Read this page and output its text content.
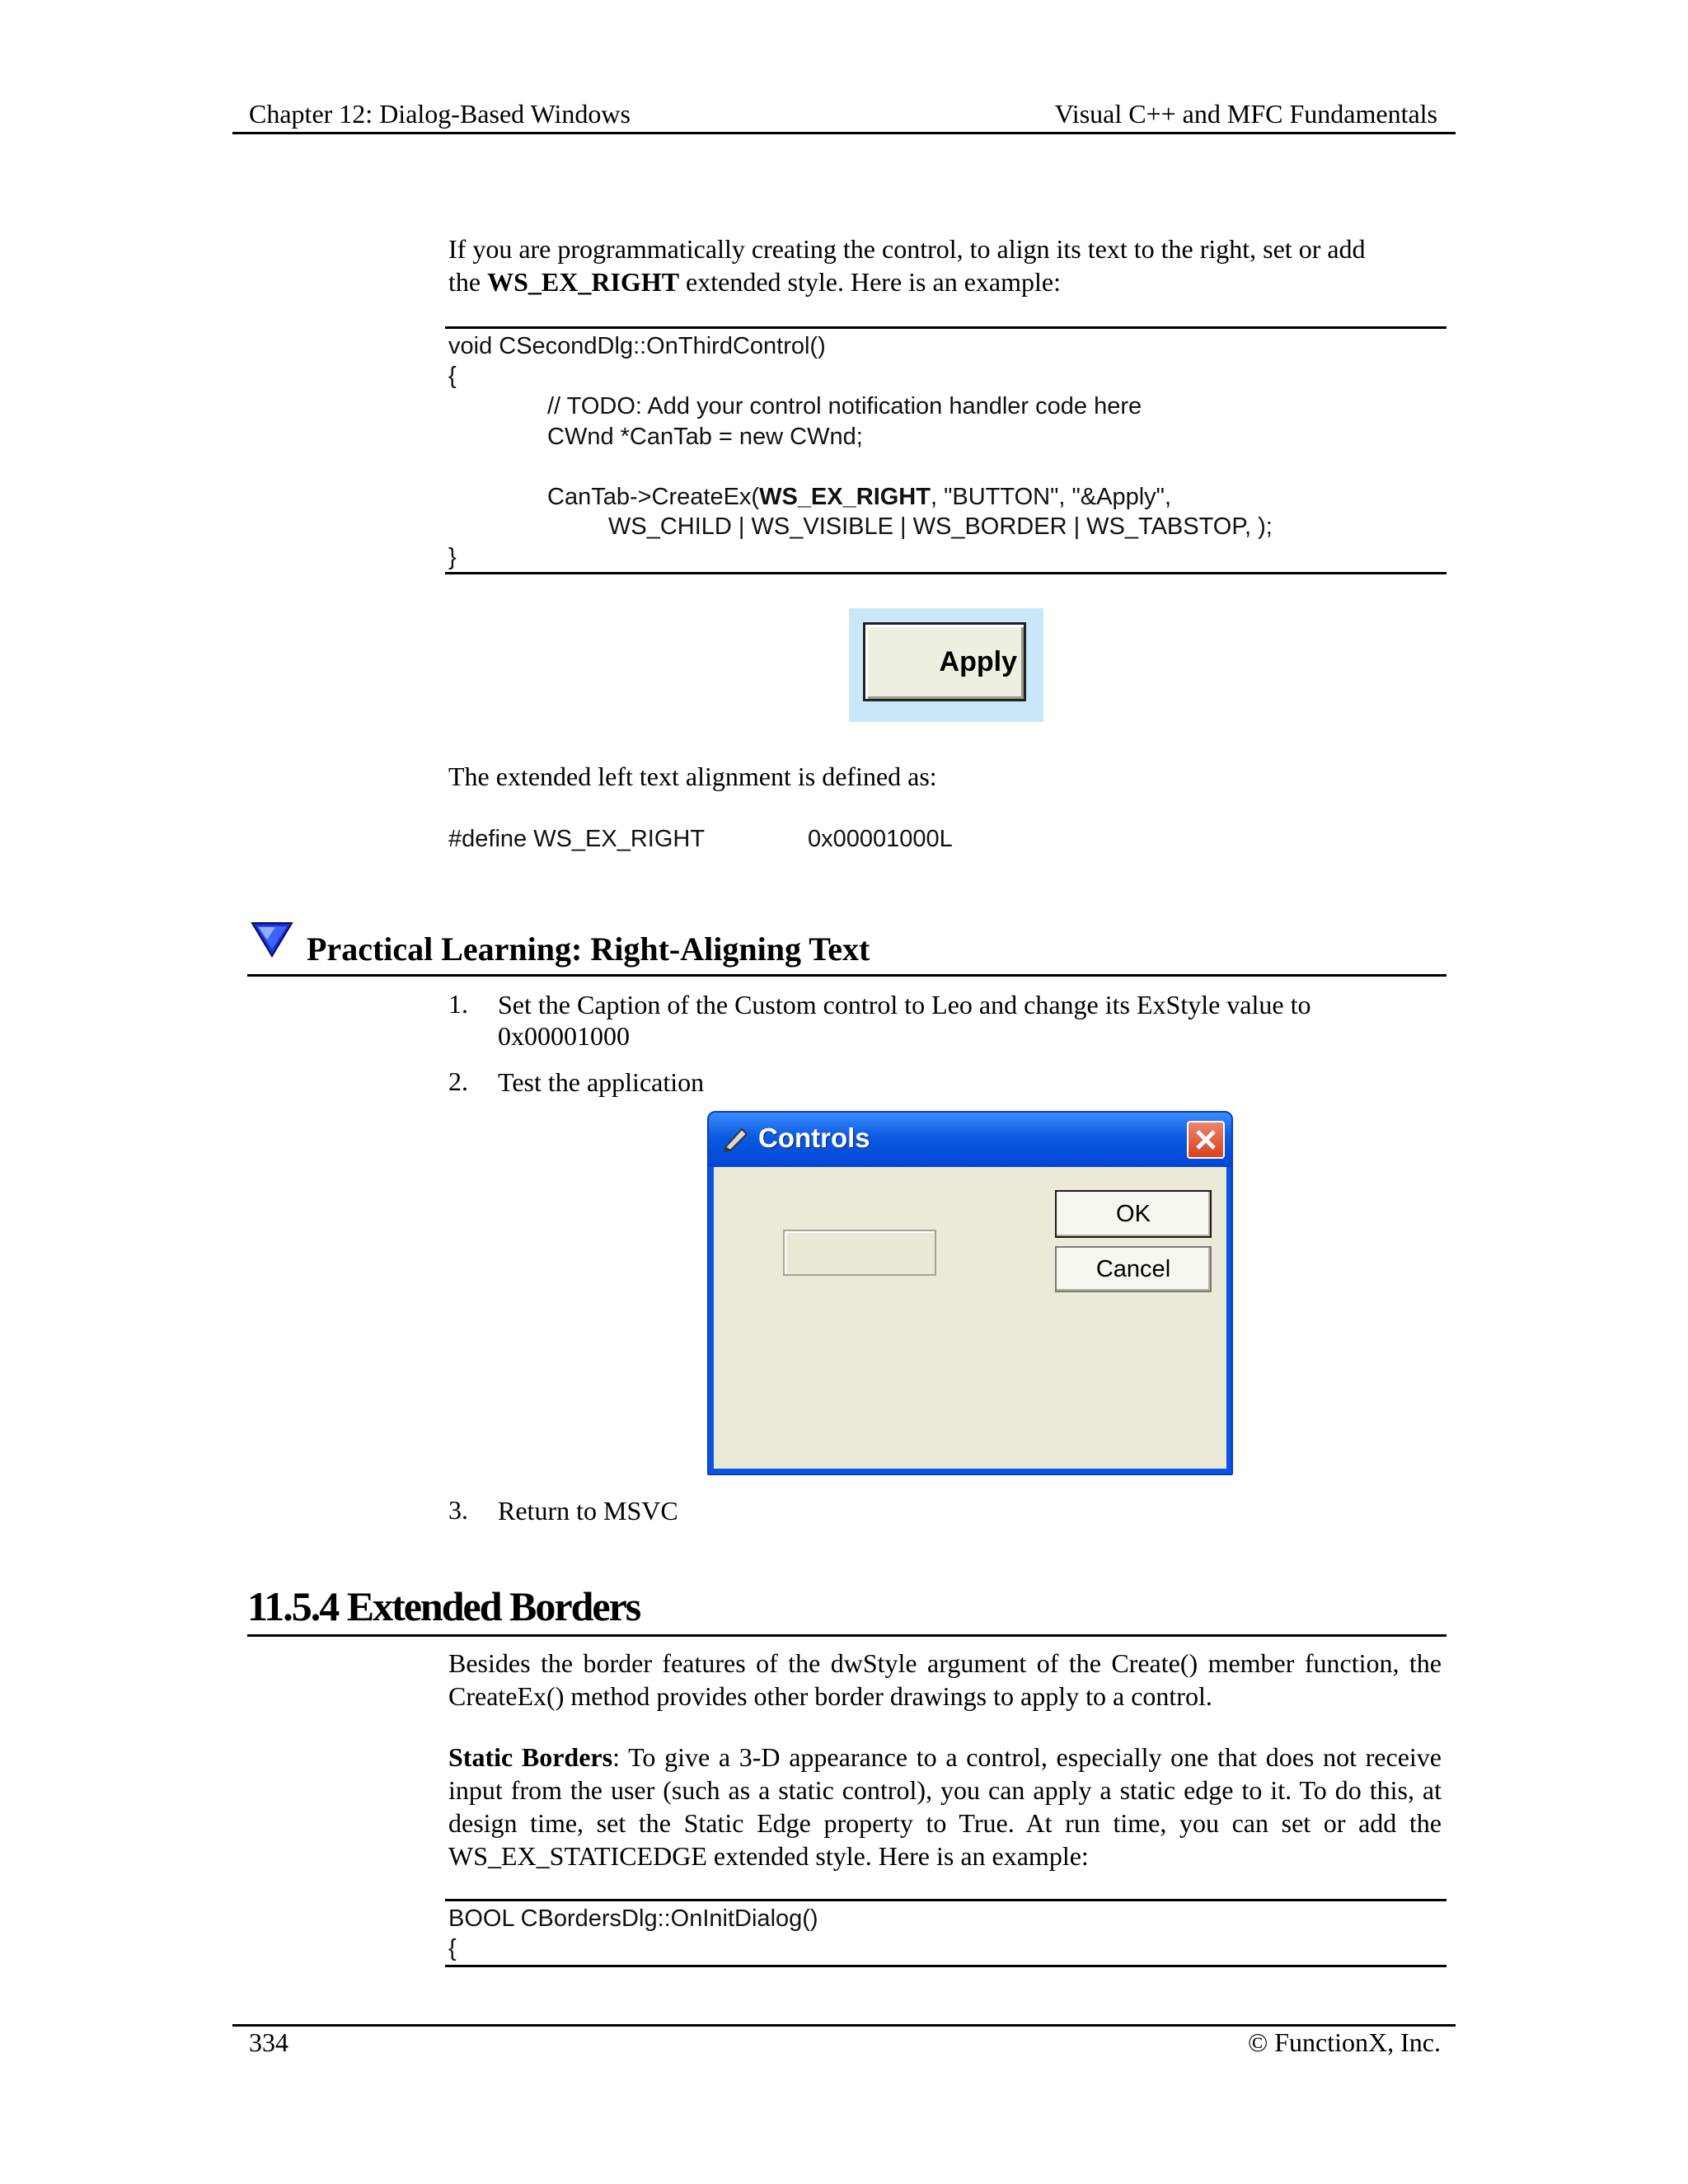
Chapter 12: Dialog-Based Windows	Visual C++ and MFC Fundamentals
If you are programmatically creating the control, to align its text to the right, set or add
the WS_EX_RIGHT extended style. Here is an example:
void CSecondDlg::OnThirdControl()
{
// TODO: Add your control notification handler code here
CWnd *CanTab = new CWnd;
CanTab->CreateEx(WS_EX_RIGHT, "BUTTON", "&Apply",
WS_CHILD | WS_VISIBLE | WS_BORDER | WS_TABSTOP, );
}
Apply
The extended left text alignment is defined as:
#define WS_EX_RIGHT	0x00001000L
Practical Learning: Right-Aligning Text
1. Set the Caption of the Custom control to Leo and change its ExStyle value to 0x00001000
2. Test the application
Controls
OK
Cancel
3. Return to MSVC
11.5.4 Extended Borders
Besides the border features of the dwStyle argument of the Create() member function, the CreateEx() method provides other border drawings to apply to a control.
Static Borders: To give a 3-D appearance to a control, especially one that does not receive input from the user (such as a static control), you can apply a static edge to it. To do this, at design time, set the Static Edge property to True. At run time, you can set or add the WS_EX_STATICEDGE extended style. Here is an example:
BOOL CBordersDlg::OnInitDialog()
{
334	© FunctionX, Inc.
